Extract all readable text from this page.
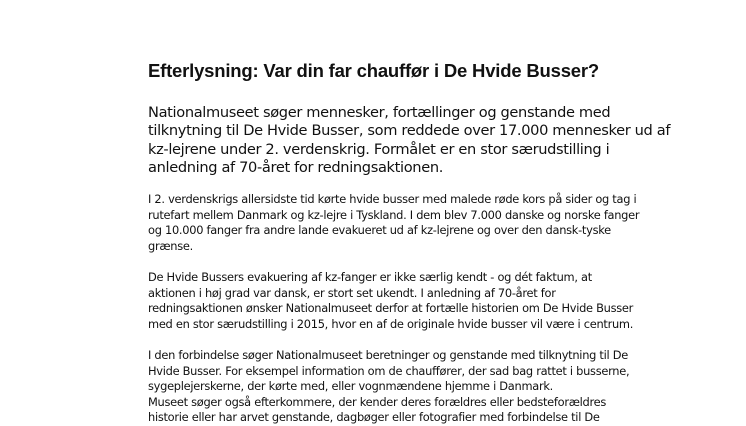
Efterlysning: Var din far chauffør i De Hvide Busser?

Nationalmuseet søger mennesker, fortællinger og genstande med
tilknytning til De Hvide Busser, som reddede over 17.000 mennesker ud af
kz-lejrene under 2. verdenskrig. Formålet er en stor særudstilling i
anledning af 70-året for redningsaktionen.

I 2. verdenskrigs allersidste tid kørte hvide busser med malede røde kors på sider og tag i
rutefart mellem Danmark og kz-lejre i Tyskland. I dem blev 7.000 danske og norske fanger
og 10.000 fanger fra andre lande evakueret ud af kz-lejrene og over den dansk-tyske
grænse.

De Hvide Bussers evakuering af kz-fanger er ikke særlig kendt - og dét faktum, at
aktionen i høj grad var dansk, er stort set ukendt. I anledning af 70-året for
redningsaktionen ønsker Nationalmuseet derfor at fortælle historien om De Hvide Busser
med en stor særudstilling i 2015, hvor en af de originale hvide busser vil være i centrum.

I den forbindelse søger Nationalmuseet beretninger og genstande med tilknytning til De
Hvide Busser. For eksempel information om de chauffører, der sad bag rattet i busserne,
sygeplejerskerne, der kørte med, eller vognmændene hjemme i Danmark.
Museet søger også efterkommere, der kender deres forældres eller bedsteforældres
historie eller har arvet genstande, dagbøger eller fotografier med forbindelse til De
